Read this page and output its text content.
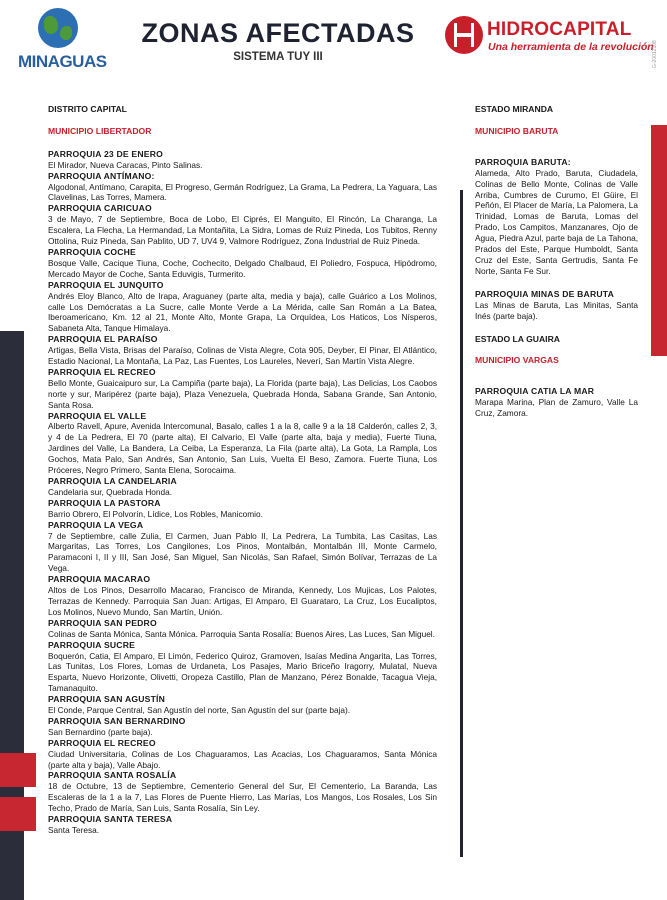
MINAGUAS
ZONAS AFECTADAS
SISTEMA TUY III
HIDROCAPITAL
Una herramienta de la revolución
G-20012108
DISTRITO CAPITAL
MUNICIPIO LIBERTADOR
PARROQUIA 23 DE ENERO
El Mirador, Nueva Caracas, Pinto Salinas.
PARROQUIA ANTÍMANO:
Algodonal, Antímano, Carapita, El Progreso, Germán Rodríguez, La Grama, La Pedrera, La Yaguara, Las Clavelinas, Las Torres, Mamera.
PARROQUIA CARICUAO
3 de Mayo, 7 de Septiembre, Boca de Lobo, El Ciprés, El Manguito, El Rincón, La Charanga, La Escalera, La Flecha, La Hermandad, La Montañita, La Sidra, Lomas de Ruiz Pineda, Los Tubitos, Renny Ottolina, Ruiz Pineda, San Pablito, UD 7, UV4 9, Valmore Rodríguez, Zona Industrial de Ruiz Pineda.
PARROQUIA COCHE
Bosque Valle, Cacique Tiuna, Coche, Cochecito, Delgado Chalbaud, El Poliedro, Fospuca, Hipódromo, Mercado Mayor de Coche, Santa Eduvigis, Turmerito.
PARROQUIA EL JUNQUITO
Andrés Eloy Blanco, Alto de Irapa, Araguaney (parte alta, media y baja), calle Guárico a Los Molinos, calle Los Demócratas a La Sucre, calle Monte Verde a La Mérida, calle San Román a La Batea, Iberoamericano, Km. 12 al 21, Monte Alto, Monte Grapa, La Orquídea, Los Haticos, Los Nísperos, Sabaneta Alta, Tanque Himalaya.
PARROQUIA EL PARAÍSO
Artigas, Bella Vista, Brisas del Paraíso, Colinas de Vista Alegre, Cota 905, Deyber, El Pinar, El Atlántico, Estadio Nacional, La Montaña, La Paz, Las Fuentes, Los Laureles, Neverí, San Martín Vista Alegre.
PARROQUIA EL RECREO
Bello Monte, Guaicaipuro sur, La Campiña (parte baja), La Florida (parte baja), Las Delicias, Los Caobos norte y sur, Maripérez (parte baja), Plaza Venezuela, Quebrada Honda, Sabana Grande, San Antonio, Santa Rosa.
PARROQUIA EL VALLE
Alberto Ravell, Apure, Avenida Intercomunal, Basalo, calles 1 a la 8, calle 9 a la 18 Calderón, calles 2, 3, y 4 de La Pedrera, El 70 (parte alta), El Calvario, El Valle (parte alta, baja y media), Fuerte Tiuna, Jardines del Valle, La Bandera, La Ceiba, La Esperanza, La Fila (parte alta), La Gota, La Rampla, Los Gochos, Mata Palo, San Andrés, San Antonio, San Luis, Vuelta El Beso, Zamora. Fuerte Tiuna, Los Próceres, Negro Primero, Santa Elena, Sorocaima.
PARROQUIA LA CANDELARIA
Candelaria sur, Quebrada Honda.
PARROQUIA LA PASTORA
Barrio Obrero, El Polvorín, Lídice, Los Robles, Manicomio.
PARROQUIA LA VEGA
7 de Septiembre, calle Zulia, El Carmen, Juan Pablo II, La Pedrera, La Tumbita, Las Casitas, Las Margaritas, Las Torres, Los Cangilones, Los Pinos, Montalbán, Montalbán III, Monte Carmelo, Paramaconi I, II y III, San José, San Miguel, San Nicolás, San Rafael, Simón Bolívar, Terrazas de La Vega.
PARROQUIA MACARAO
Altos de Los Pinos, Desarrollo Macarao, Francisco de Miranda, Kennedy, Los Mujicas, Los Palotes, Terrazas de Kennedy. Parroquia San Juan: Artigas, El Amparo, El Guarataro, La Cruz, Los Eucaliptos, Los Molinos, Nuevo Mundo, San Martín, Unión.
PARROQUIA SAN PEDRO
Colinas de Santa Mónica, Santa Mónica. Parroquia Santa Rosalía: Buenos Aires, Las Luces, San Miguel.
PARROQUIA SUCRE
Boquerón, Catia, El Amparo, El Limón, Federico Quiroz, Gramoven, Isaías Medina Angarita, Las Torres, Las Tunitas, Los Flores, Lomas de Urdaneta, Los Pasajes, Mario Briceño Iragorry, Mulatal, Nueva Esparta, Nuevo Horizonte, Olivetti, Oropeza Castillo, Plan de Manzano, Pérez Bonalde, Tacagua Vieja, Tamanaquito.
PARROQUIA SAN AGUSTÍN
El Conde, Parque Central, San Agustín del norte, San Agustín del sur (parte baja).
PARROQUIA SAN BERNARDINO
San Bernardino (parte baja).
PARROQUIA EL RECREO
Ciudad Universitaria, Colinas de Los Chaguaramos, Las Acacias, Los Chaguaramos, Santa Mónica (parte alta y baja), Valle Abajo.
PARROQUIA SANTA ROSALÍA
18 de Octubre, 13 de Septiembre, Cementerio General del Sur, El Cementerio, La Baranda, Las Escaleras de la 1 a la 7, Las Flores de Puente Hierro, Las Marías, Los Mangos, Los Rosales, Los Sin Techo, Prado de María, San Luis, Santa Rosalía, Sin Ley.
PARROQUIA SANTA TERESA
Santa Teresa.
ESTADO MIRANDA
MUNICIPIO BARUTA
PARROQUIA BARUTA:
Alameda, Alto Prado, Baruta, Ciudadela, Colinas de Bello Monte, Colinas de Valle Arriba, Cumbres de Curumo, El Güire, El Peñón, El Placer de María, La Palomera, La Trinidad, Lomas de Baruta, Lomas del Prado, Los Campitos, Manzanares, Ojo de Agua, Piedra Azul, parte baja de La Tahona, Prados del Este, Parque Humboldt, Santa Cruz del Este, Santa Gertrudis, Santa Fe Norte, Santa Fe Sur.
PARROQUIA MINAS DE BARUTA
Las Minas de Baruta, Las Minitas, Santa Inés (parte baja).
ESTADO LA GUAIRA
MUNICIPIO VARGAS
PARROQUIA CATIA LA MAR
Marapa Marina, Plan de Zamuro, Valle La Cruz, Zamora.
